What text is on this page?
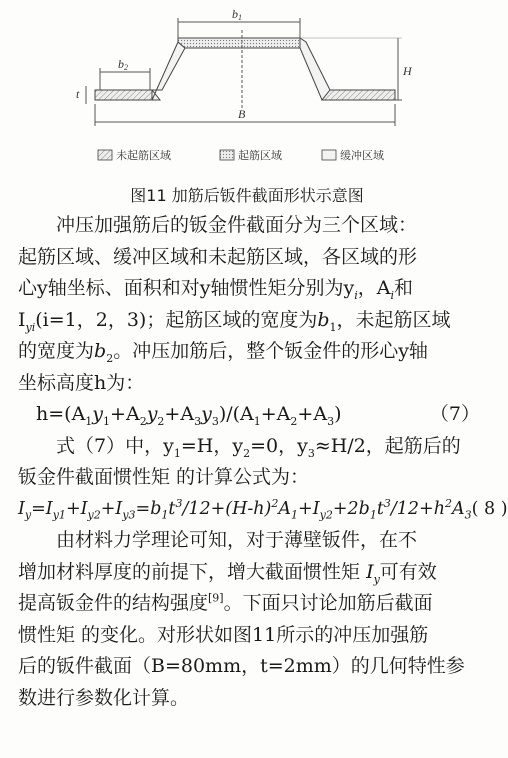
b1
b2	H
t
B
未起筋区域	起筋区域	缓冲区域
图11 加筋后钣件截面形状示意图
冲压加强筋后的钣金件截面分为三个区域：
起筋区域、缓冲区域和未起筋区域，各区域的形
心y轴坐标、面积和对y轴惯性矩分别为$y_i$，$A_i$和
$I_{yi}(i=1$，2，3)；起筋区域的宽度为$b_1$，未起筋区域
的宽度为$b_2$。冲压加筋后，整个钣金件的形心y轴
坐标高度h为：
$h=(A_1y_1+A_2y_2+A_3y_3)/(A_1+A_2+A_3)$	（7）
式（7）中，$y_1=H$，$y_2=0$，$y_3\approx H/2$，起筋后的
钣金件截面惯性矩 的计算公式为：
$I_y=I_{y1}+I_{y2}+I_{y3}=b_1t^3/12+(H-h)^2A_1+I_{y2}+2b_1t^3/12+h^2A_3$ ( 8 )
由材料力学理论可知，对于薄壁钣件，在不
增加材料厚度的前提下，增大截面惯性矩 $I_y$可有效
提高钣金件的结构强度[9]。下面只讨论加筋后截面
惯性矩 的变化。对形状如图11所示的冲压加强筋
后的钣件截面（B=80mm，t=2mm）的几何特性参
数进行参数化计算。
